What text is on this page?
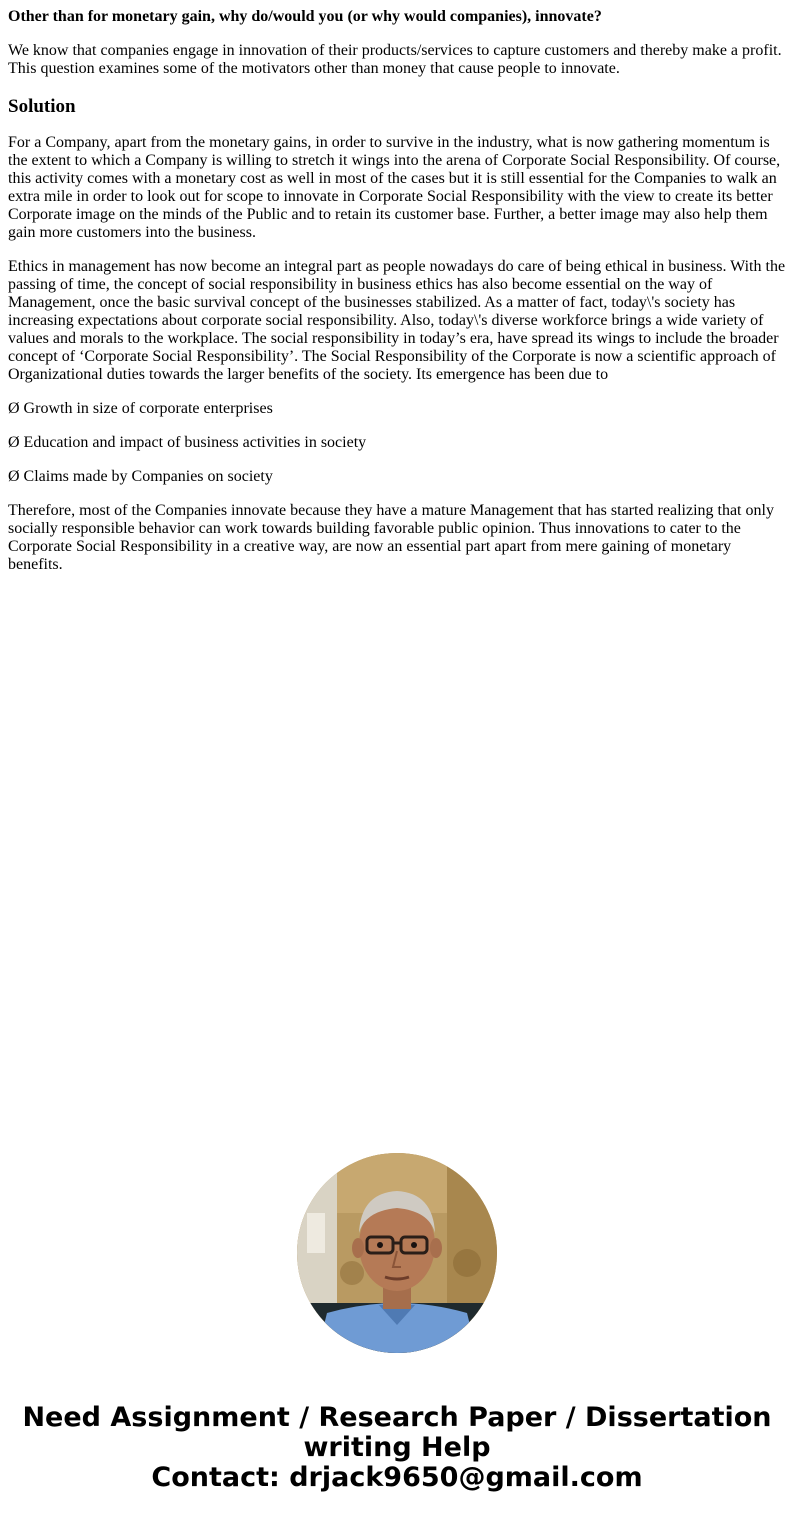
Other than for monetary gain, why do/would you (or why would companies), innovate?
We know that companies engage in innovation of their products/services to capture customers and thereby make a profit. This question examines some of the motivators other than money that cause people to innovate.
Solution
For a Company, apart from the monetary gains, in order to survive in the industry, what is now gathering momentum is the extent to which a Company is willing to stretch it wings into the arena of Corporate Social Responsibility. Of course, this activity comes with a monetary cost as well in most of the cases but it is still essential for the Companies to walk an extra mile in order to look out for scope to innovate in Corporate Social Responsibility with the view to create its better Corporate image on the minds of the Public and to retain its customer base. Further, a better image may also help them gain more customers into the business.
Ethics in management has now become an integral part as people nowadays do care of being ethical in business. With the passing of time, the concept of social responsibility in business ethics has also become essential on the way of Management, once the basic survival concept of the businesses stabilized. As a matter of fact, today\'s society has increasing expectations about corporate social responsibility. Also, today\'s diverse workforce brings a wide variety of values and morals to the workplace. The social responsibility in today’s era, have spread its wings to include the broader concept of ‘Corporate Social Responsibility’. The Social Responsibility of the Corporate is now a scientific approach of Organizational duties towards the larger benefits of the society. Its emergence has been due to
Ø Growth in size of corporate enterprises
Ø Education and impact of business activities in society
Ø Claims made by Companies on society
Therefore, most of the Companies innovate because they have a mature Management that has started realizing that only socially responsible behavior can work towards building favorable public opinion. Thus innovations to cater to the Corporate Social Responsibility in a creative way, are now an essential part apart from mere gaining of monetary benefits.
Need Assignment / Research Paper / Dissertation
writing Help
Contact: drjack9650@gmail.com
